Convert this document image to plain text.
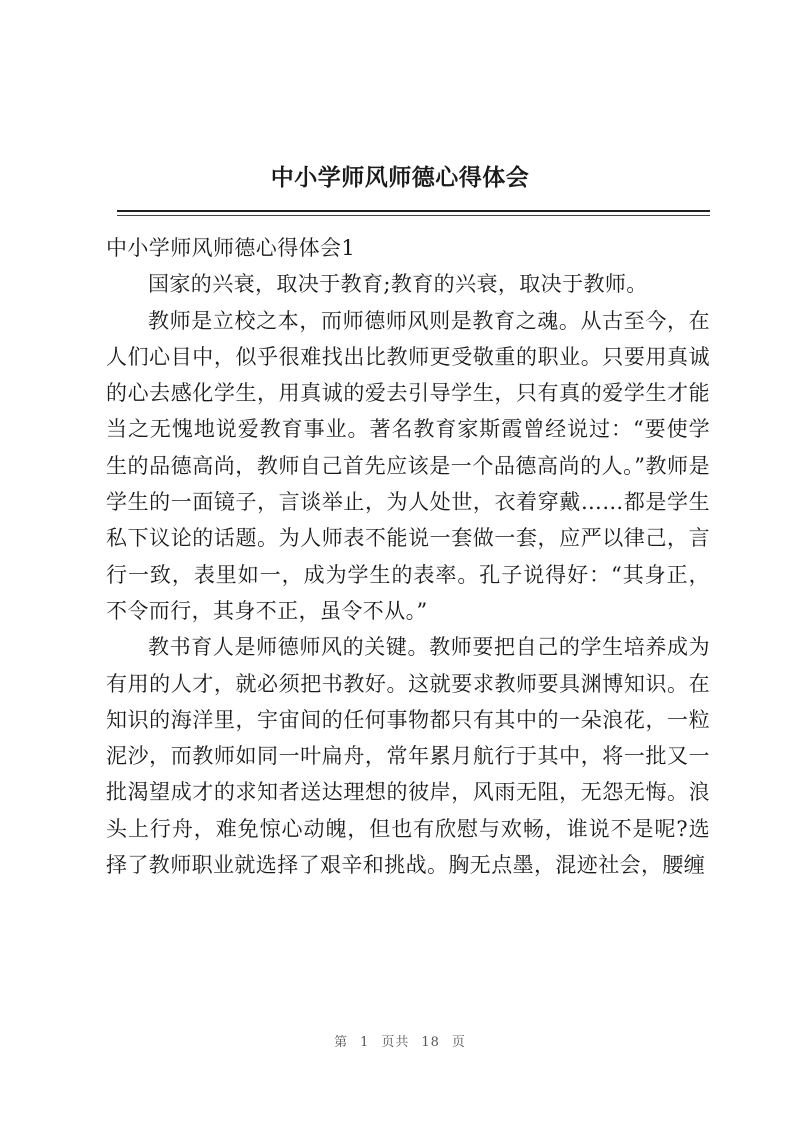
中小学师风师德心得体会

中小学师风师德心得体会1

国家的兴衰，取决于教育;教育的兴衰，取决于教师。

教师是立校之本，而师德师风则是教育之魂。从古至今，在人们心目中，似乎很难找出比教师更受敬重的职业。只要用真诚的心去感化学生，用真诚的爱去引导学生，只有真的爱学生才能当之无愧地说爱教育事业。著名教育家斯霞曾经说过：“要使学生的品德高尚，教师自己首先应该是一个品德高尚的人。”教师是学生的一面镜子，言谈举止，为人处世，衣着穿戴……都是学生私下议论的话题。为人师表不能说一套做一套，应严以律己，言行一致，表里如一，成为学生的表率。孔子说得好：“其身正，不令而行，其身不正，虽令不从。”

教书育人是师德师风的关键。教师要把自己的学生培养成为有用的人才，就必须把书教好。这就要求教师要具渊博知识。在知识的海洋里，宇宙间的任何事物都只有其中的一朵浪花，一粒泥沙，而教师如同一叶扁舟，常年累月航行于其中，将一批又一批渴望成才的求知者送达理想的彼岸，风雨无阻，无怨无悔。浪头上行舟，难免惊心动魄，但也有欣慰与欢畅，谁说不是呢?选择了教师职业就选择了艰辛和挑战。胸无点墨，混迹社会，腰缠

第 1 页共 18 页
